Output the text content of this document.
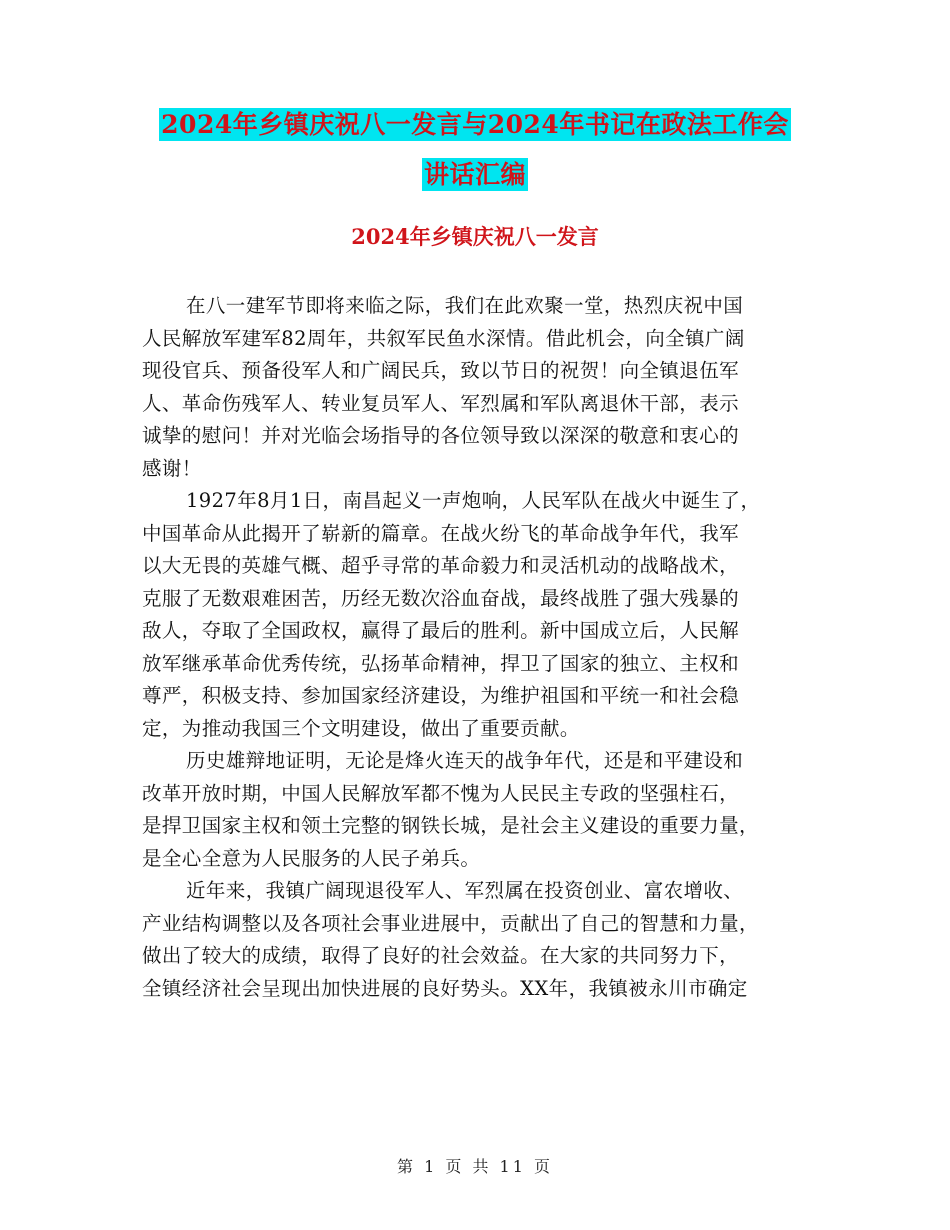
2024年乡镇庆祝八一发言与2024年书记在政法工作会
讲话汇编
2024年乡镇庆祝八一发言
在八一建军节即将来临之际，我们在此欢聚一堂，热烈庆祝中国
人民解放军建军82周年，共叙军民鱼水深情。借此机会，向全镇广阔
现役官兵、预备役军人和广阔民兵，致以节日的祝贺！向全镇退伍军
人、革命伤残军人、转业复员军人、军烈属和军队离退休干部，表示
诚挚的慰问！并对光临会场指导的各位领导致以深深的敬意和衷心的
感谢！
1927年8月1日，南昌起义一声炮响，人民军队在战火中诞生了，
中国革命从此揭开了崭新的篇章。在战火纷飞的革命战争年代，我军
以大无畏的英雄气概、超乎寻常的革命毅力和灵活机动的战略战术，
克服了无数艰难困苦，历经无数次浴血奋战，最终战胜了强大残暴的
敌人，夺取了全国政权，赢得了最后的胜利。新中国成立后，人民解
放军继承革命优秀传统，弘扬革命精神，捍卫了国家的独立、主权和
尊严，积极支持、参加国家经济建设，为维护祖国和平统一和社会稳
定，为推动我国三个文明建设，做出了重要贡献。
历史雄辩地证明，无论是烽火连天的战争年代，还是和平建设和
改革开放时期，中国人民解放军都不愧为人民民主专政的坚强柱石，
是捍卫国家主权和领土完整的钢铁长城，是社会主义建设的重要力量，
是全心全意为人民服务的人民子弟兵。
近年来，我镇广阔现退役军人、军烈属在投资创业、富农增收、
产业结构调整以及各项社会事业进展中，贡献出了自己的智慧和力量，
做出了较大的成绩，取得了良好的社会效益。在大家的共同努力下，
全镇经济社会呈现出加快进展的良好势头。XX年，我镇被永川市确定
第 1 页 共 11 页
